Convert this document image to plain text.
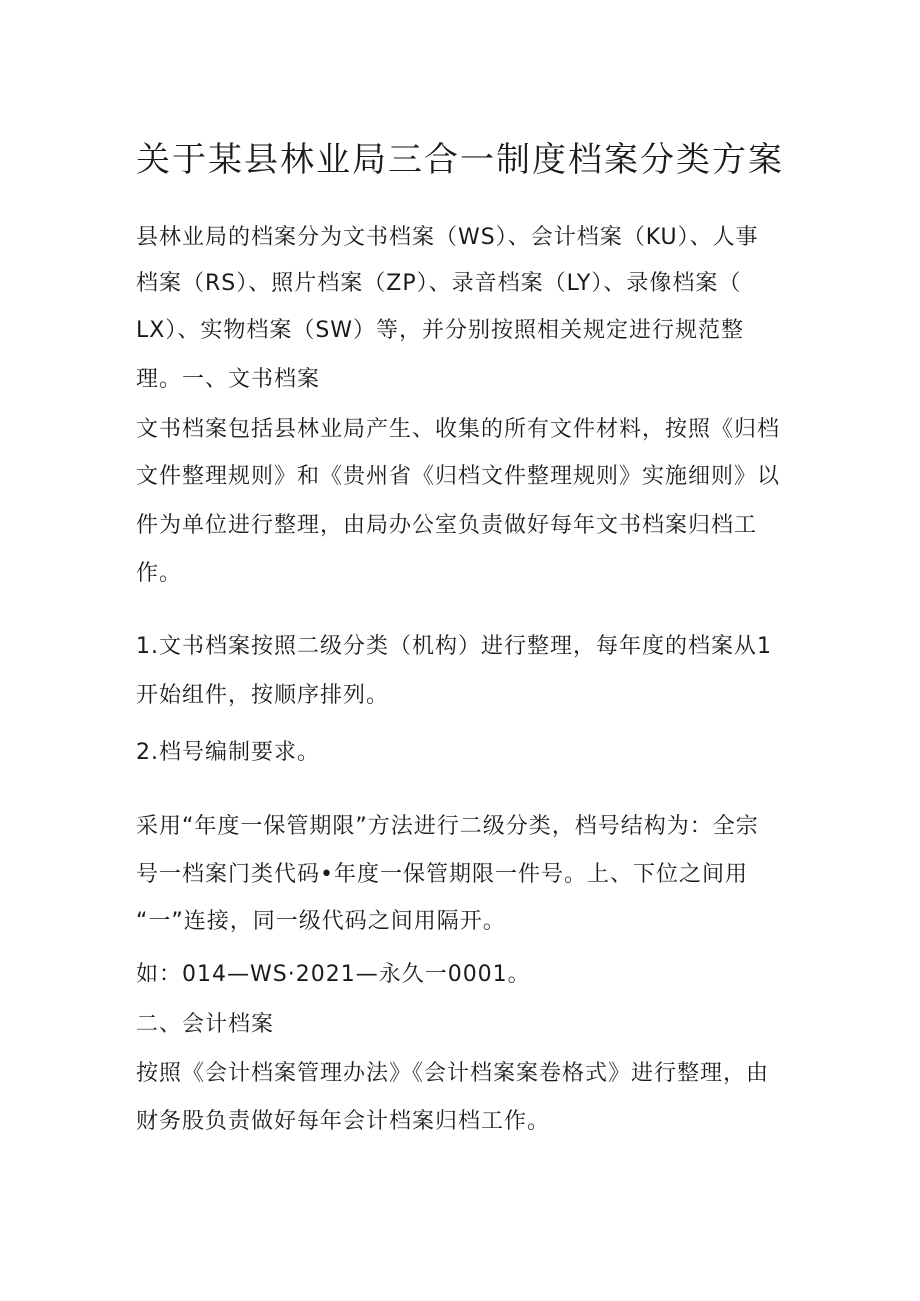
关于某县林业局三合一制度档案分类方案

县林业局的档案分为文书档案（WS）、会计档案（KU）、人事

档案（RS）、照片档案（ZP）、录音档案（LY）、录像档案（

LX）、实物档案（SW）等，并分别按照相关规定进行规范整

理。一、文书档案

文书档案包括县林业局产生、收集的所有文件材料，按照《归档

文件整理规则》和《贵州省《归档文件整理规则》实施细则》以

件为单位进行整理，由局办公室负责做好每年文书档案归档工

作。

1.文书档案按照二级分类（机构）进行整理，每年度的档案从1

开始组件，按顺序排列。

2.档号编制要求。

采用“年度一保管期限”方法进行二级分类，档号结构为：全宗

号一档案门类代码•年度一保管期限一件号。上、下位之间用

“一”连接，同一级代码之间用隔开。

如：014—WS·2021—永久一0001。

二、会计档案

按照《会计档案管理办法》《会计档案案卷格式》进行整理，由

财务股负责做好每年会计档案归档工作。
